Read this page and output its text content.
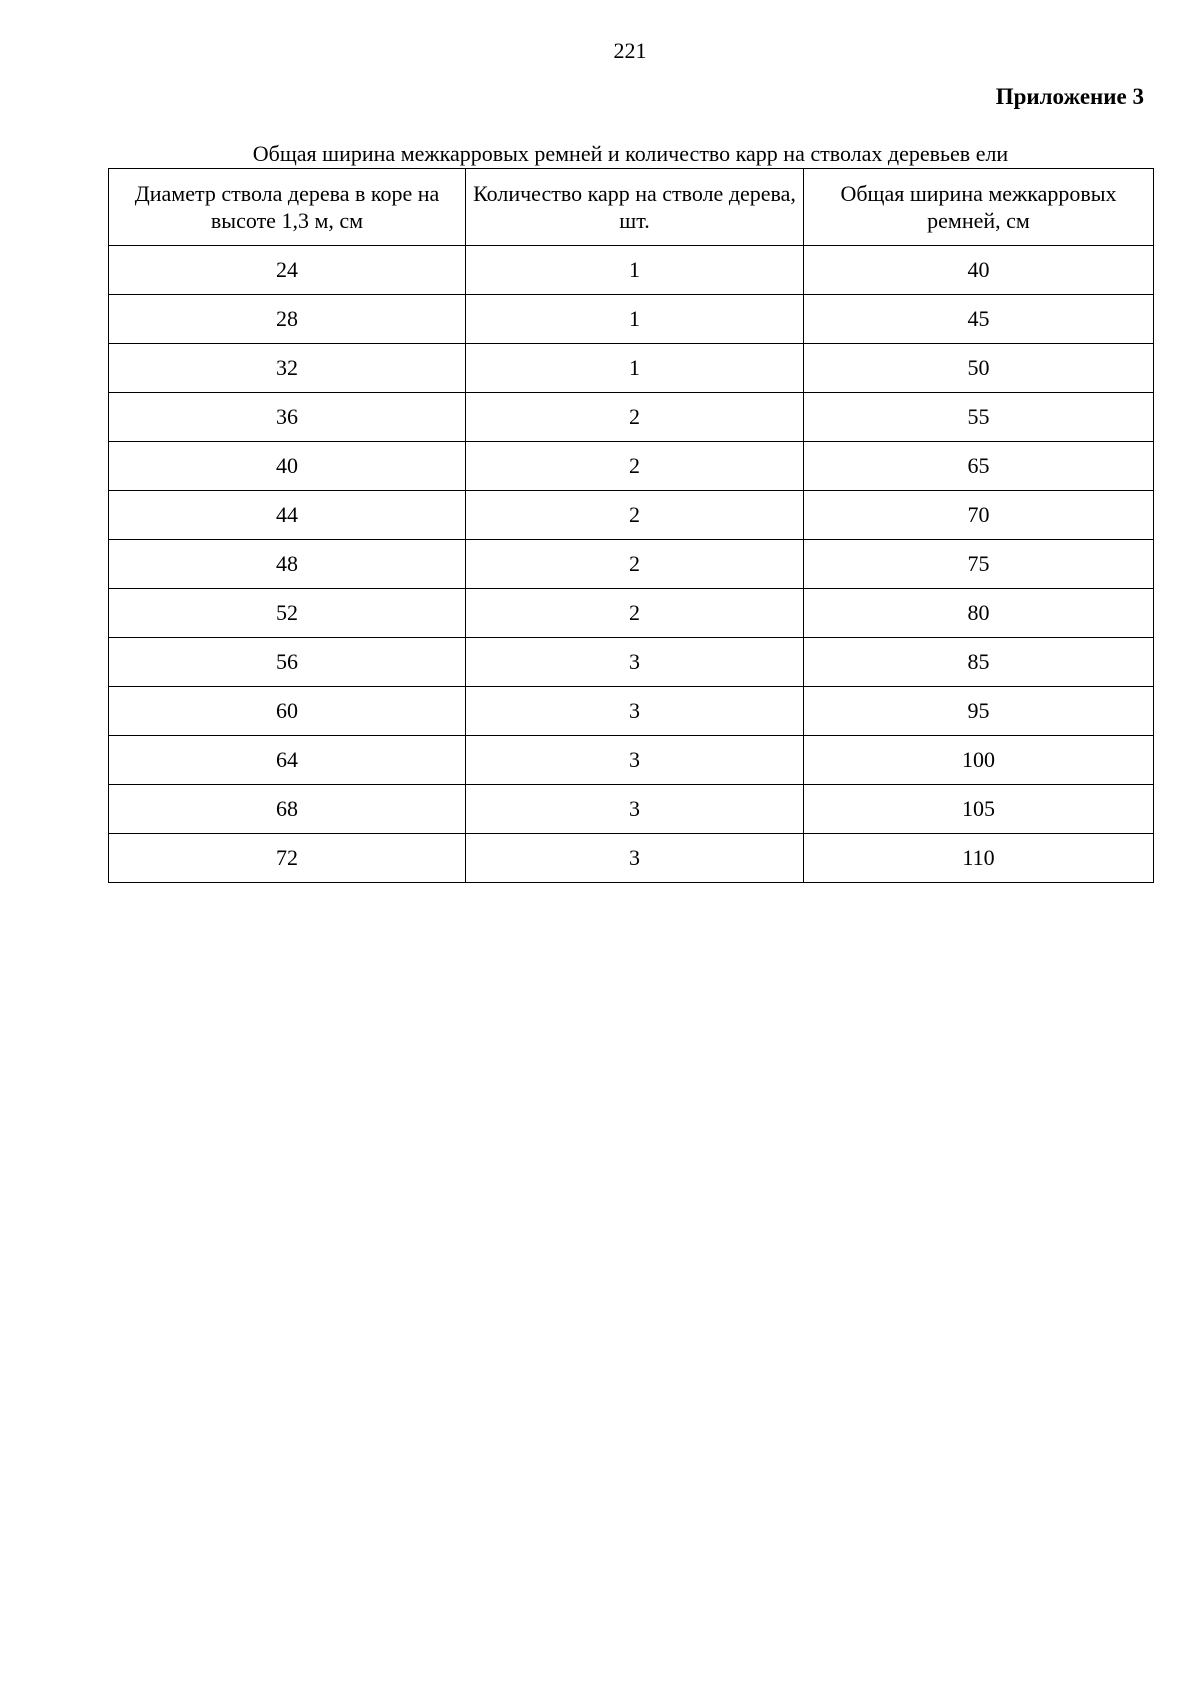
221
Приложение 3
Общая ширина межкарровых ремней и количество карр на стволах деревьев ели
Диаметр ствола дерева в коре на высоте 1,3 м, см	Количество карр на стволе дерева, шт.	Общая ширина межкарровых ремней, см
24	1	40
28	1	45
32	1	50
36	2	55
40	2	65
44	2	70
48	2	75
52	2	80
56	3	85
60	3	95
64	3	100
68	3	105
72	3	110
